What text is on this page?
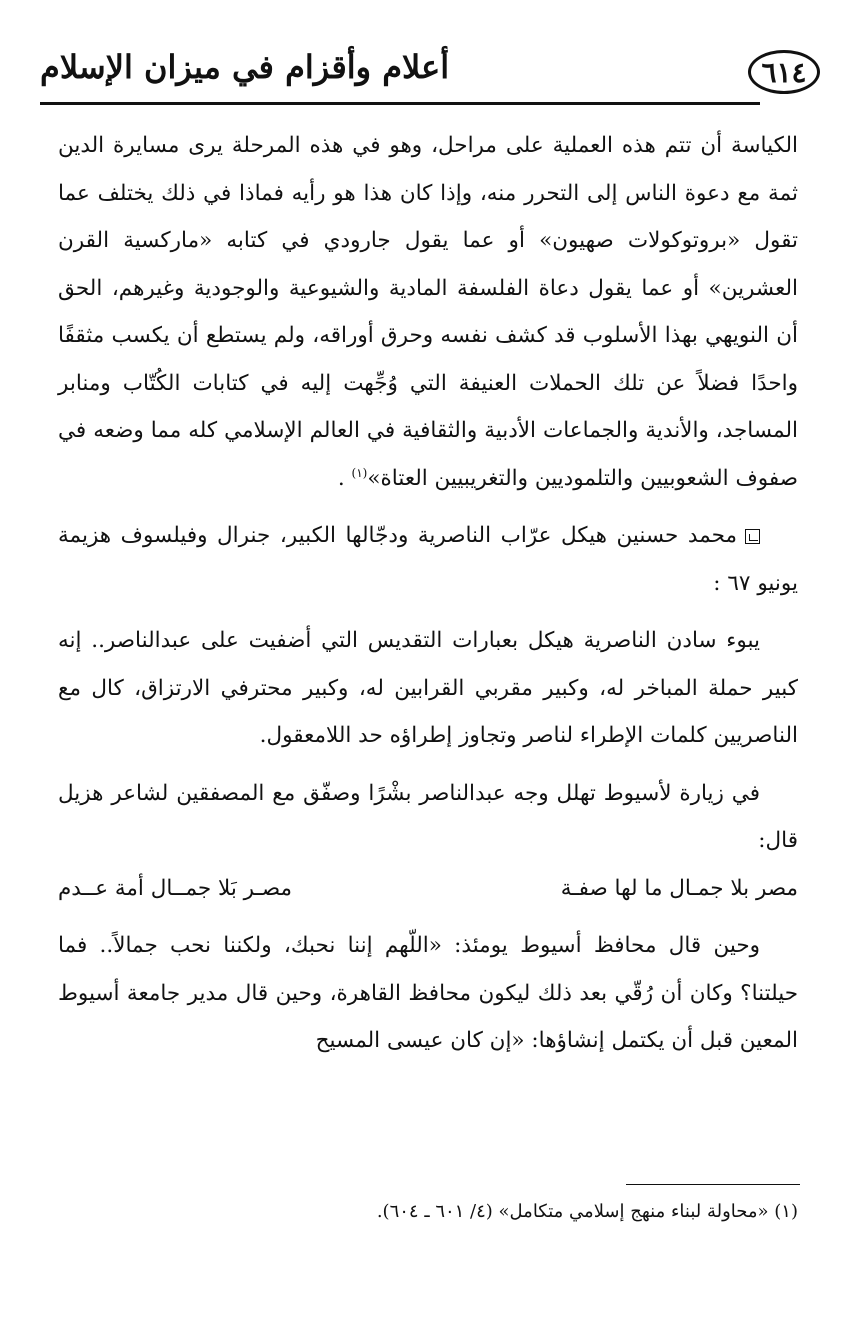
٦١٤
أعلام وأقزام في ميزان الإسلام

الكياسة أن تتم هذه العملية على مراحل، وهو في هذه المرحلة يرى مسايرة الدين ثمة مع دعوة الناس إلى التحرر منه، وإذا كان هذا هو رأيه فماذا في ذلك يختلف عما تقول «بروتوكولات صهيون» أو عما يقول جارودي في كتابه «ماركسية القرن العشرين» أو عما يقول دعاة الفلسفة المادية والشيوعية والوجودية وغيرهم، الحق أن النويهي بهذا الأسلوب قد كشف نفسه وحرق أوراقه، ولم يستطع أن يكسب مثقفًا واحدًا فضلاً عن تلك الحملات العنيفة التي وُجِّهت إليه في كتابات الكُتّاب ومنابر المساجد، والأندية والجماعات الأدبية والثقافية في العالم الإسلامي كله مما وضعه في صفوف الشعوبيين والتلموديين والتغريبيين العتاة»$^{(١)}$ .

محمد حسنين هيكل عرّاب الناصرية ودجّالها الكبير، جنرال وفيلسوف هزيمة يونيو ٦٧ :

يبوء سادن الناصرية هيكل بعبارات التقديس التي أضفيت على عبدالناصر.. إنه كبير حملة المباخر له، وكبير مقربي القرابين له، وكبير محترفي الارتزاق، كال مع الناصريين كلمات الإطراء لناصر وتجاوز إطراؤه حد اللامعقول.

في زيارة لأسيوط تهلل وجه عبدالناصر بشْرًا وصفّق مع المصفقين لشاعر هزيل قال:

مصر بلا جمـال ما لها صفـة
مصـر بَلا جمــال أمة عــدم

وحين قال محافظ أسيوط يومئذ: «اللّهم إننا نحبك، ولكننا نحب جمالاً.. فما حيلتنا؟ وكان أن رُقّي بعد ذلك ليكون محافظ القاهرة، وحين قال مدير جامعة أسيوط المعين قبل أن يكتمل إنشاؤها: «إن كان عيسى المسيح

(١) «محاولة لبناء منهج إسلامي متكامل» (٤/ ٦٠١ ـ ٦٠٤).
